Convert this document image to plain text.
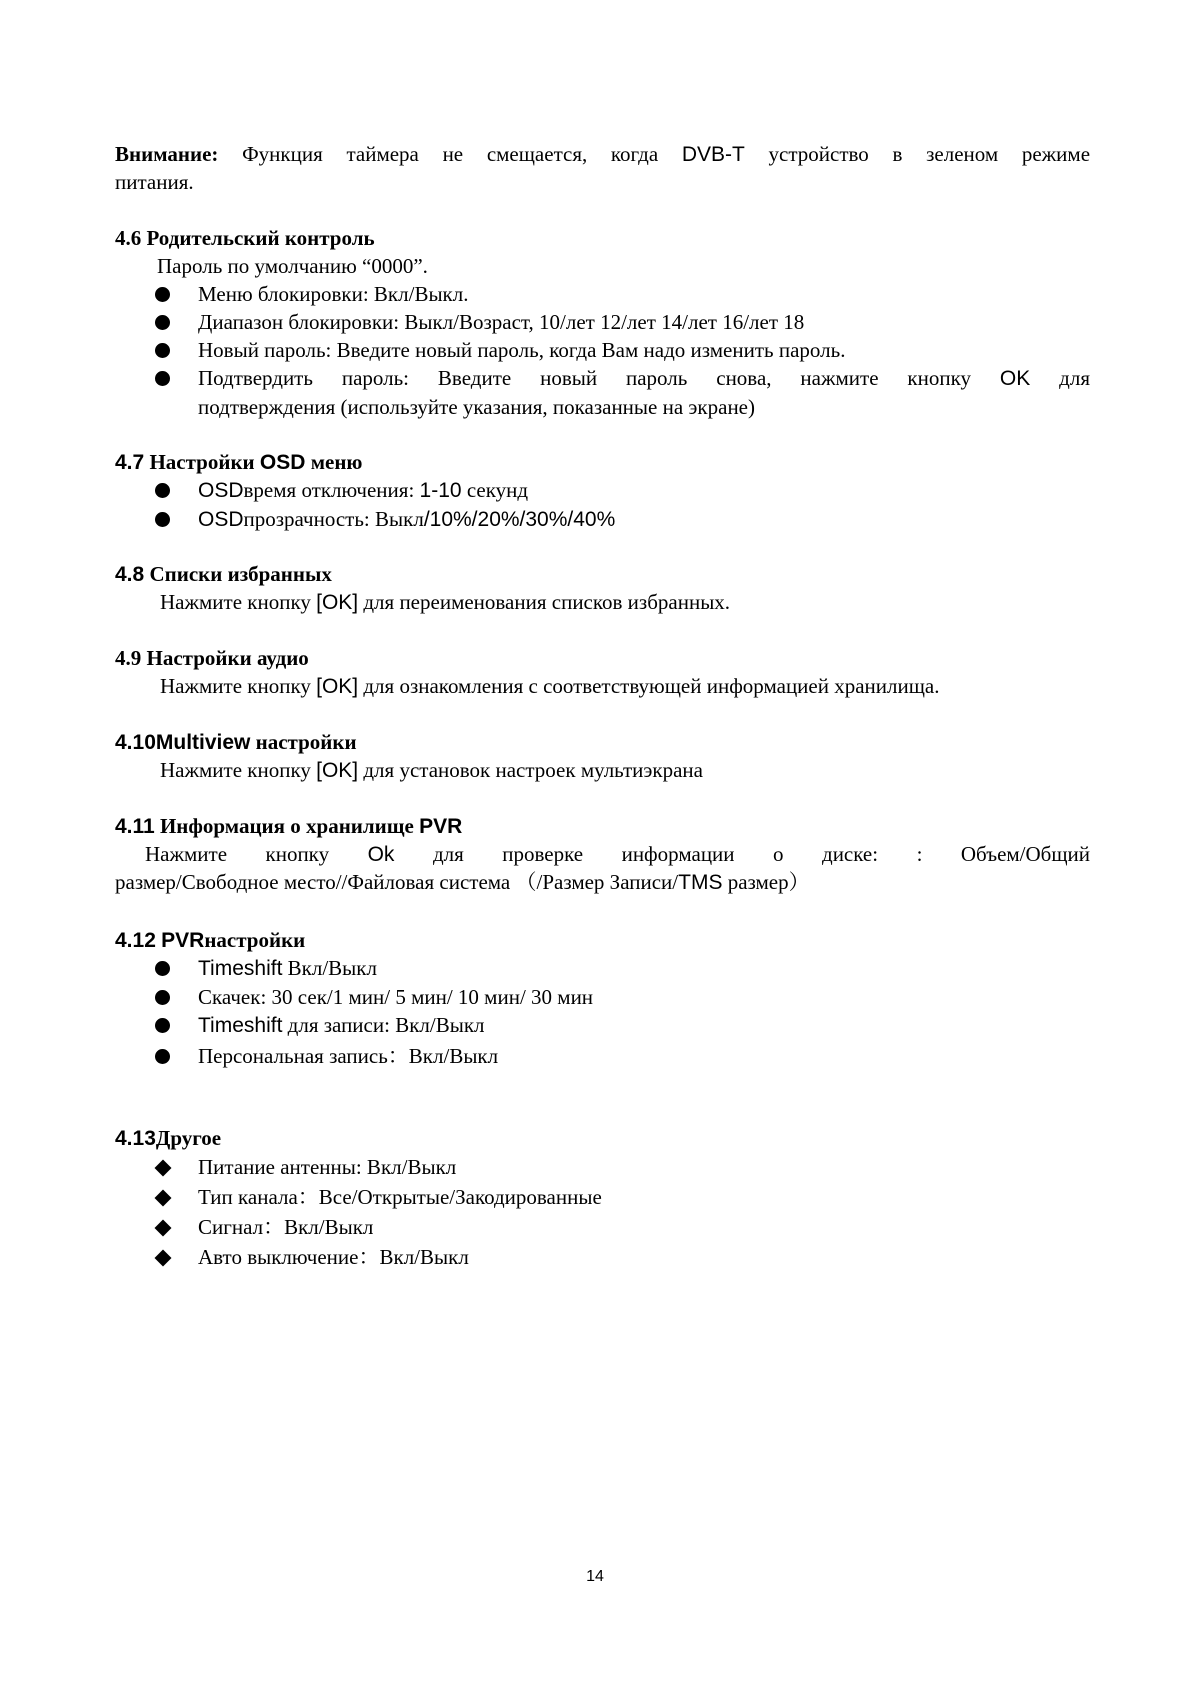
Внимание: Функция таймера не смещается, когда DVB-T устройство в зеленом режиме
питания.
4.6 Родительский контроль
Пароль по умолчанию “0000”.
Меню блокировки: Вкл/Выкл.
Диапазон блокировки: Выкл/Возраст, 10/лет 12/лет 14/лет 16/лет 18
Новый пароль: Введите новый пароль, когда Вам надо изменить пароль.
Подтвердить пароль: Введите новый пароль снова, нажмите кнопку OK для
подтверждения (используйте указания, показанные на экране)
4.7 Настройки OSD меню
OSDвремя отключения: 1-10 секунд
OSDпрозрачность: Выкл/10%/20%/30%/40%
4.8 Списки избранных
Нажмите кнопку [OK] для переименования списков избранных.
4.9 Настройки аудио
Нажмите кнопку [OK] для ознакомления с соответствующей информацией хранилища.
4.10Multiview настройки
Нажмите кнопку [OK] для установок настроек мультиэкрана
4.11 Информация о хранилище PVR
Нажмите кнопку Ok для проверке информации о диске: : Объем/Общий
размер/Свободное место//Файловая система （/Размер Записи/TMS размер）
4.12 PVRнастройки
Timeshift Вкл/Выкл
Скачек: 30 сек/1 мин/ 5 мин/ 10 мин/ 30 мин
Timeshift для записи: Вкл/Выкл
Персональная запись：Вкл/Выкл
4.13Другое
Питание антенны: Вкл/Выкл
Тип канала：Все/Открытые/Закодированные
Сигнал：Вкл/Выкл
Авто выключение：Вкл/Выкл
14
